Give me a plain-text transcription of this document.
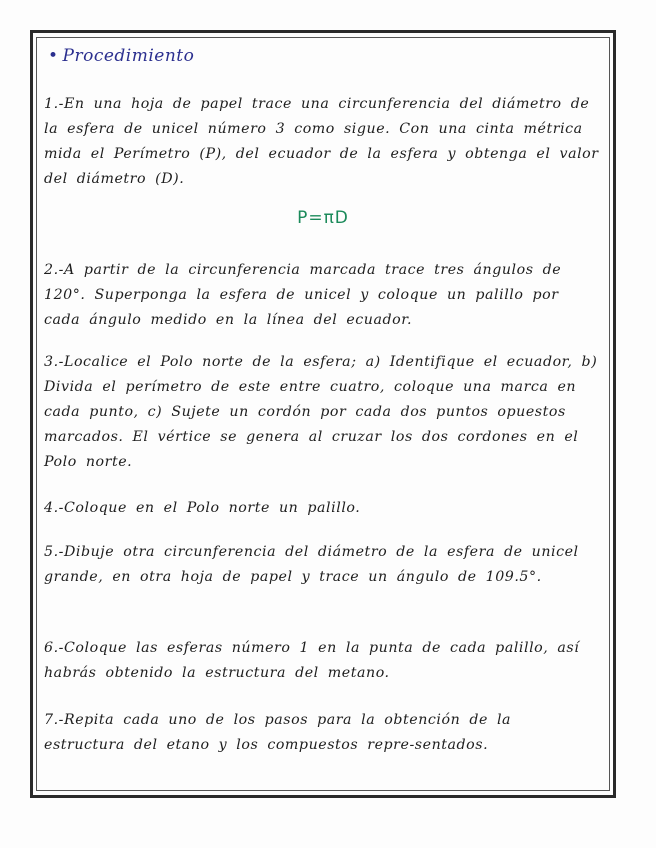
• Procedimiento
1.-En una hoja de papel trace una circunferencia del diámetro de la esfera de unicel número 3 como sigue. Con una cinta métrica mida el Perímetro (P), del ecuador de la esfera y obtenga el valor del diámetro (D).
P=πD
2.-A partir de la circunferencia marcada trace tres ángulos de 120°. Superponga la esfera de unicel y coloque un palillo por cada ángulo medido en la línea del ecuador.
3.-Localice el Polo norte de la esfera; a) Identifique el ecuador, b) Divida el perímetro de este entre cuatro, coloque una marca en cada punto, c) Sujete un cordón por cada dos puntos opuestos marcados. El vértice se genera al cruzar los dos cordones en el Polo norte.
4.-Coloque en el Polo norte un palillo.
5.-Dibuje otra circunferencia del diámetro de la esfera de unicel grande, en otra hoja de papel y trace un ángulo de 109.5°.
6.-Coloque las esferas número 1 en la punta de cada palillo, así habrás obtenido la estructura del metano.
7.-Repita cada uno de los pasos para la obtención de la estructura del etano y los compuestos repre-sentados.
